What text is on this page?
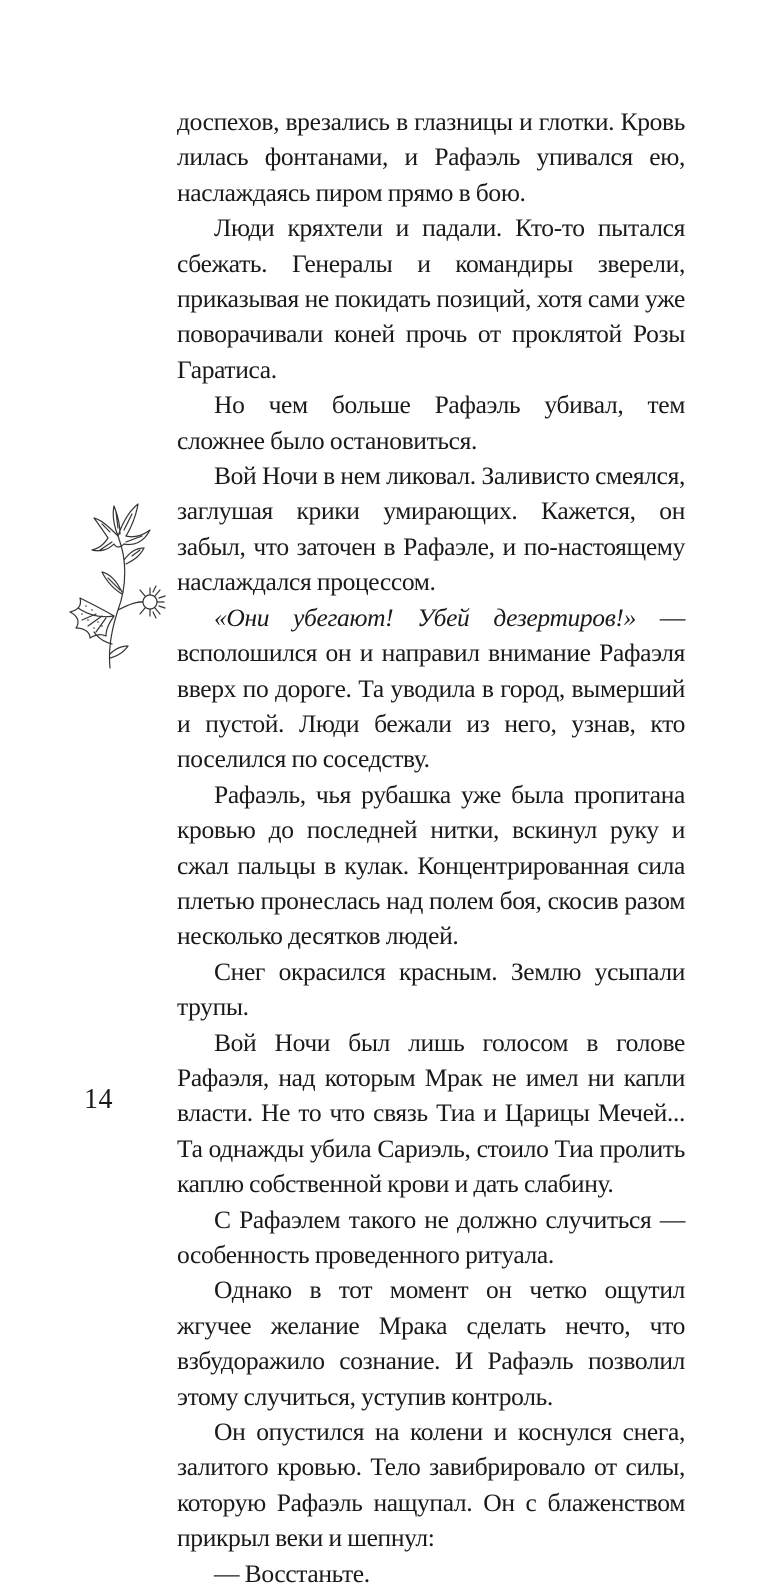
доспехов, врезались в глазницы и глотки. Кровь лилась фонтанами, и Рафаэль упивался ею, наслаждаясь пиром прямо в бою.

Люди кряхтели и падали. Кто-то пытался сбежать. Генералы и командиры зверели, приказывая не покидать позиций, хотя сами уже поворачивали коней прочь от проклятой Розы Гаратиса.

Но чем больше Рафаэль убивал, тем сложнее было остановиться.

Вой Ночи в нем ликовал. Заливисто смеялся, заглушая крики умирающих. Кажется, он забыл, что заточен в Рафаэле, и по-настоящему наслаждался процессом.

«Они убегают! Убей дезертиров!» — всполошился он и направил внимание Рафаэля вверх по дороге. Та уводила в город, вымерший и пустой. Люди бежали из него, узнав, кто поселился по соседству.

Рафаэль, чья рубашка уже была пропитана кровью до последней нитки, вскинул руку и сжал пальцы в кулак. Концентрированная сила плетью пронеслась над полем боя, скосив разом несколько десятков людей.

Снег окрасился красным. Землю усыпали трупы.

Вой Ночи был лишь голосом в голове Рафаэля, над которым Мрак не имел ни капли власти. Не то что связь Тиа и Царицы Мечей... Та однажды убила Сариэль, стоило Тиа пролить каплю собственной крови и дать слабину.

С Рафаэлем такого не должно случиться — особенность проведенного ритуала.

Однако в тот момент он четко ощутил жгучее желание Мрака сделать нечто, что взбудоражило сознание. И Рафаэль позволил этому случиться, уступив контроль.

Он опустился на колени и коснулся снега, залитого кровью. Тело завибрировало от силы, которую Рафаэль нащупал. Он с блаженством прикрыл веки и шепнул:

— Восстаньте.

14
